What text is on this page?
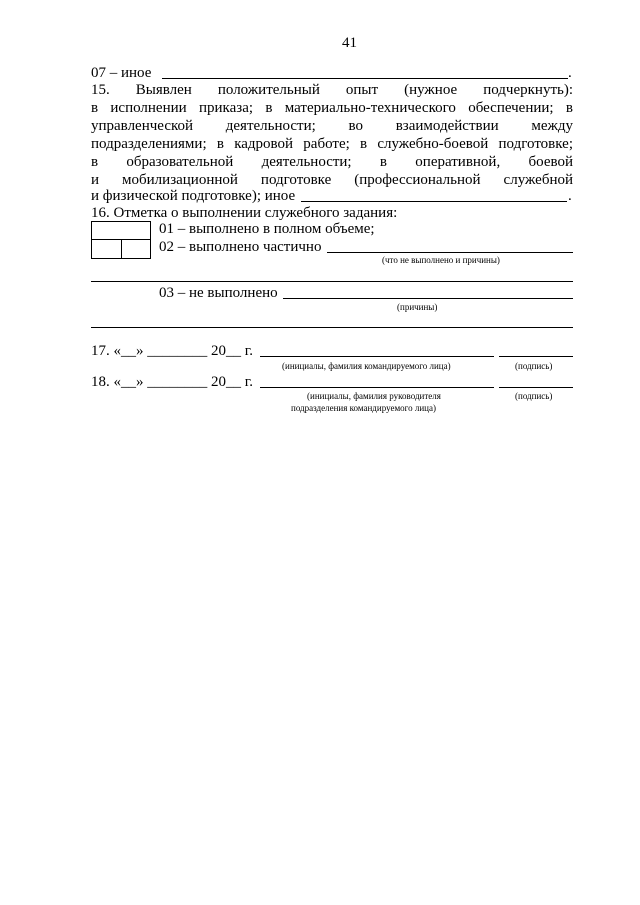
41
07 – иное	.
15. Выявлен положительный опыт (нужное подчеркнуть):
в исполнении приказа; в материально-технического обеспечении; в
управленческой деятельности; во взаимодействии между
подразделениями; в кадровой работе; в служебно-боевой подготовке;
в образовательной деятельности; в оперативной, боевой
и мобилизационной подготовке (профессиональной служебной
и физической подготовке); иное	.
16. Отметка о выполнении служебного задания:
01 – выполнено в полном объеме;
02 – выполнено частично
(что не выполнено и причины)
03 – не выполнено
(причины)
17. «__» ________ 20__ г.
(инициалы, фамилия командируемого лица)	(подпись)
18. «__» ________ 20__ г.
(инициалы, фамилия руководителя
подразделения командируемого лица)
(подпись)
